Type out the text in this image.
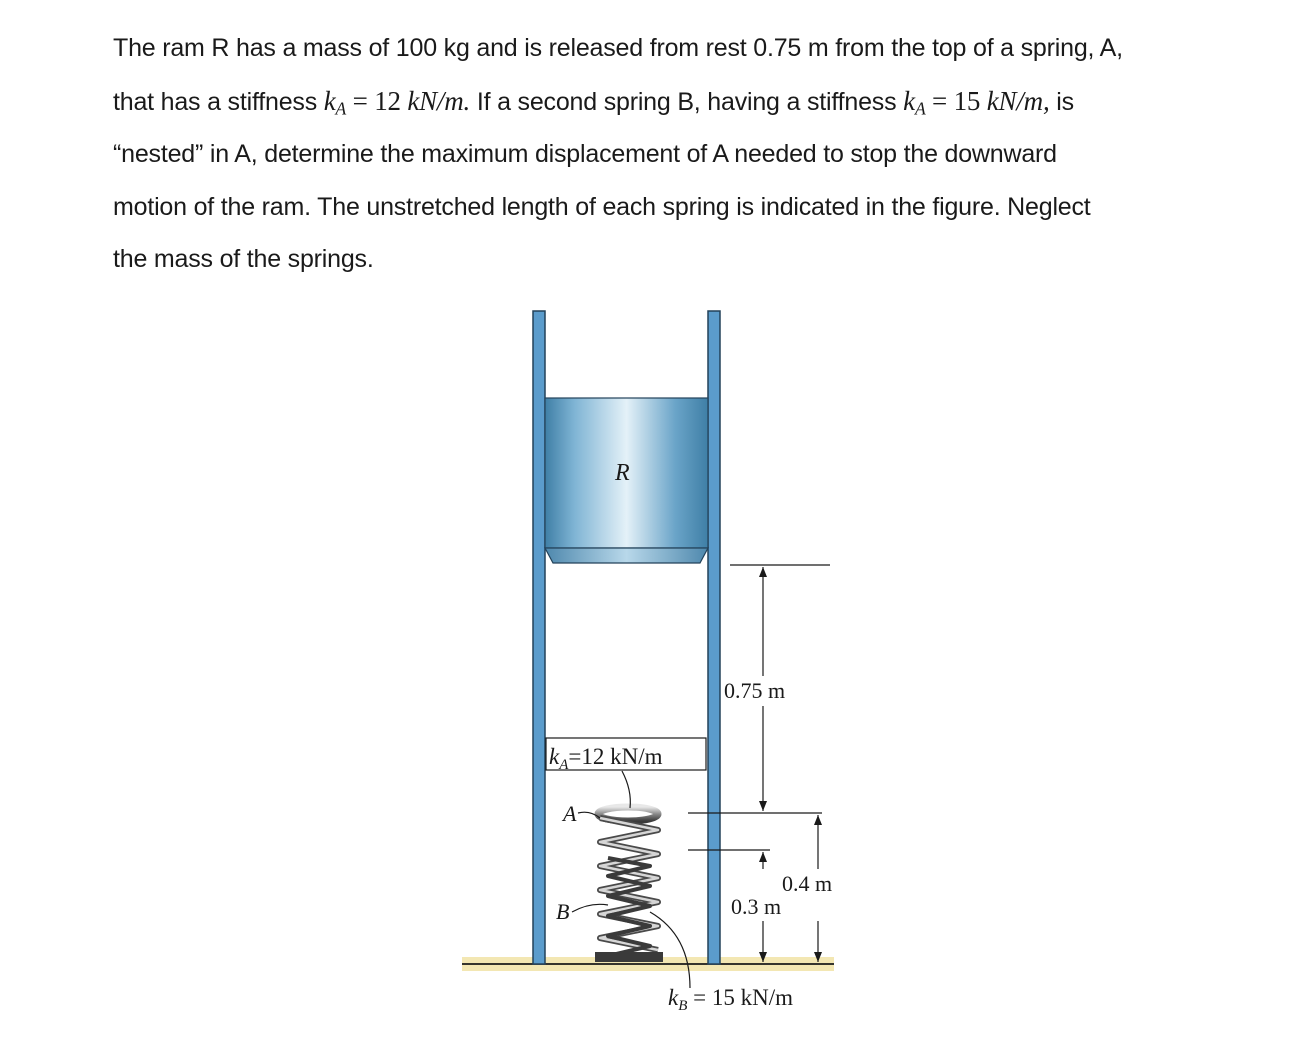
The ram R has a mass of 100 kg and is released from rest 0.75 m from the top of a spring, A,
that has a stiffness $k_A = 12$ kN/m. If a second spring B, having a stiffness $k_A = 15$ kN/m, is
“nested” in A, determine the maximum displacement of A needed to stop the downward
motion of the ram. The unstretched length of each spring is indicated in the figure. Neglect
the mass of the springs.

R
A
B
$k_A=12$ kN/m
0.75 m
0.4 m
0.3 m
$k_B = 15$ kN/m
